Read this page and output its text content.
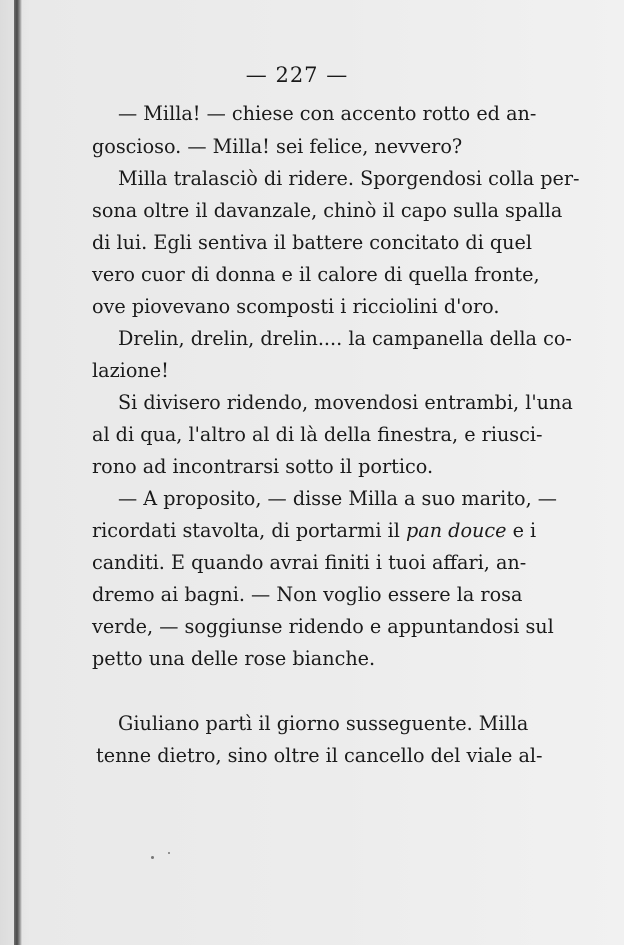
— 227 —
— Milla! — chiese con accento rotto ed an-
goscioso. — Milla! sei felice, nevvero?
Milla tralasciò di ridere. Sporgendosi colla per-
sona oltre il davanzale, chinò il capo sulla spalla
di lui. Egli sentiva il battere concitato di quel
vero cuor di donna e il calore di quella fronte,
ove piovevano scomposti i ricciolini d'oro.
Drelin, drelin, drelin.... la campanella della co-
lazione!
Si divisero ridendo, movendosi entrambi, l'una
al di qua, l'altro al di là della finestra, e riusci-
rono ad incontrarsi sotto il portico.
— A proposito, — disse Milla a suo marito, —
ricordati stavolta, di portarmi il pan douce e i
canditi. E quando avrai finiti i tuoi affari, an-
dremo ai bagni. — Non voglio essere la rosa
verde, — soggiunse ridendo e appuntandosi sul
petto una delle rose bianche.
Giuliano partì il giorno susseguente. Milla
tenne dietro, sino oltre il cancello del viale al-
